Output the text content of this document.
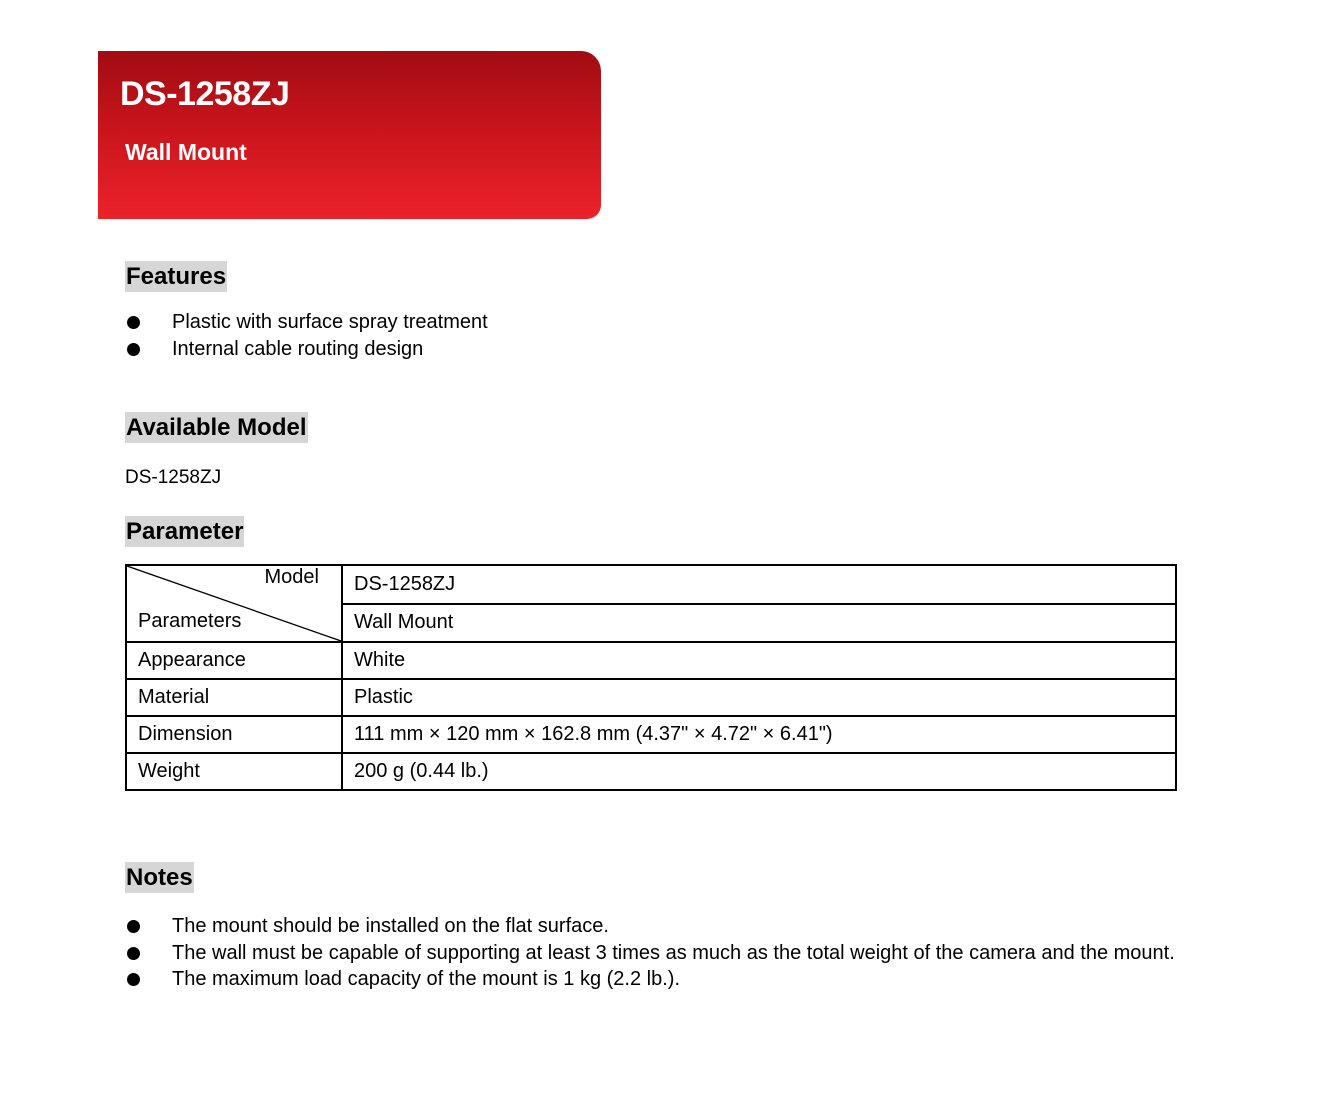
DS-1258ZJ
Wall Mount
Features
Plastic with surface spray treatment
Internal cable routing design
Available Model
DS-1258ZJ
Parameter
Model
Parameters	DS-1258ZJ
	Wall Mount
Appearance	White
Material	Plastic
Dimension	111 mm × 120 mm × 162.8 mm (4.37" × 4.72" × 6.41")
Weight	200 g (0.44 lb.)
Notes
The mount should be installed on the flat surface.
The wall must be capable of supporting at least 3 times as much as the total weight of the camera and the mount.
The maximum load capacity of the mount is 1 kg (2.2 lb.).
